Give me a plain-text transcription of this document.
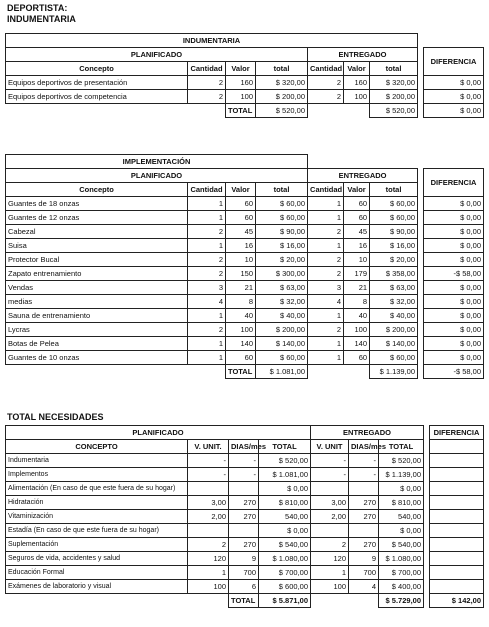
DEPORTISTA:
INDUMENTARIA
INDUMENTARIA								
PLANIFICADO				ENTREGADO				DIFERENCIA
Concepto	Cantidad	Valor	total	Cantidad	Valor	total		
Equipos deportivos de presentación	2	160	$ 320,00	2	160	$ 320,00		$ 0,00
Equipos deportivos de competencia	2	100	$ 200,00	2	100	$ 200,00		$ 0,00
		TOTAL	$ 520,00			$ 520,00		$ 0,00
IMPLEMENTACIÓN								
PLANIFICADO				ENTREGADO				DIFERENCIA
Concepto	Cantidad	Valor	total	Cantidad	Valor	total		
Guantes de 18 onzas	1	60	$ 60,00	1	60	$ 60,00		$ 0,00
Guantes de 12 onzas	1	60	$ 60,00	1	60	$ 60,00		$ 0,00
Cabezal	2	45	$ 90,00	2	45	$ 90,00		$ 0,00
Suisa	1	16	$ 16,00	1	16	$ 16,00		$ 0,00
Protector Bucal	2	10	$ 20,00	2	10	$ 20,00		$ 0,00
Zapato entrenamiento	2	150	$ 300,00	2	179	$ 358,00		-$ 58,00
Vendas	3	21	$ 63,00	3	21	$ 63,00		$ 0,00
medias	4	8	$ 32,00	4	8	$ 32,00		$ 0,00
Sauna de entrenamiento	1	40	$ 40,00	1	40	$ 40,00		$ 0,00
Lycras	2	100	$ 200,00	2	100	$ 200,00		$ 0,00
Botas de Pelea	1	140	$ 140,00	1	140	$ 140,00		$ 0,00
Guantes de 10 onzas	1	60	$ 60,00	1	60	$ 60,00		$ 0,00
		TOTAL	$ 1.081,00			$ 1.139,00		-$ 58,00
TOTAL NECESIDADES
PLANIFICADO				ENTREGADO				DIFERENCIA
CONCEPTO	V. UNIT.	DIAS/mes	TOTAL	V. UNIT	DIAS/mes	TOTAL		
Indumentaria	-	-	$ 520,00	-	-	$ 520,00		
Implementos	-	-	$ 1.081,00	-	-	$ 1.139,00		
Alimentación (En caso de que este fuera de su hogar)			$ 0,00			$ 0,00		
Hidratación	3,00	270	$ 810,00	3,00	270	$ 810,00		
Vitaminización	2,00	270	540,00	2,00	270	540,00		
Estadía (En caso de que este fuera de su hogar)			$ 0,00			$ 0,00		
Suplementación	2	270	$ 540,00	2	270	$ 540,00		
Seguros de vida, accidentes y salud	120	9	$ 1.080,00	120	9	$ 1.080,00		
Educación Formal	1	700	$ 700,00	1	700	$ 700,00		
Exámenes de laboratorio y visual	100	6	$ 600,00	100	4	$ 400,00		
		TOTAL	$ 5.871,00			$ 5.729,00		$ 142,00
